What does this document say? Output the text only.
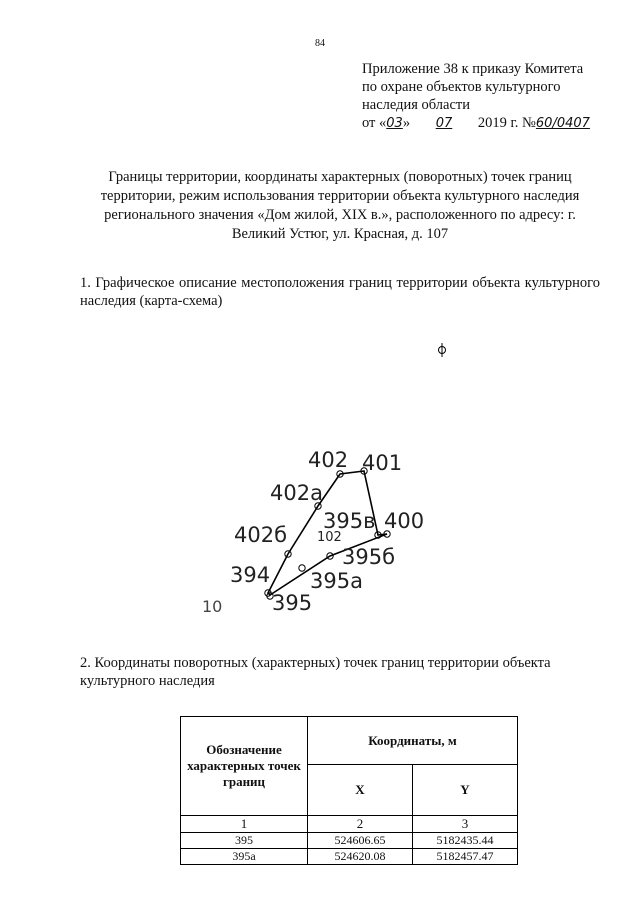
84
Приложение 38 к приказу Комитета
по охране объектов культурного
наследия области
от «03» 07 2019 г. №60/0407
Границы территории, координаты характерных (поворотных) точек границ территории, режим использования территории объекта культурного наследия регионального значения «Дом жилой, XIX в.», расположенного по адресу: г. Великий Устюг, ул. Красная, д. 107
1. Графическое описание местоположения границ территории объекта культурного наследия (карта-схема)
402 401
402а
395в 400
402б
395б
394 395а
395
102
10
2. Координаты поворотных (характерных) точек границ территории объекта культурного наследия
Обозначение характерных точек границ	Координаты, м	
	X	Y
1	2	3
395	524606.65	5182435.44
395а	524620.08	5182457.47
